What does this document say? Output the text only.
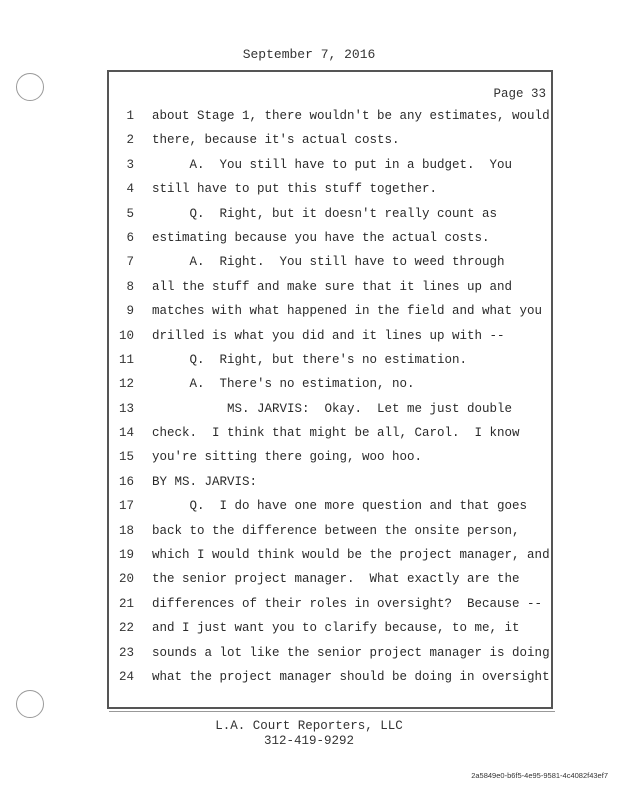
September 7, 2016
Page 33
1 about Stage 1, there wouldn't be any estimates, would
2 there, because it's actual costs.
3 A.  You still have to put in a budget.  You
4 still have to put this stuff together.
5 Q.  Right, but it doesn't really count as
6 estimating because you have the actual costs.
7 A.  Right.  You still have to weed through
8 all the stuff and make sure that it lines up and
9 matches with what happened in the field and what you
10 drilled is what you did and it lines up with --
11 Q.  Right, but there's no estimation.
12 A.  There's no estimation, no.
13 MS. JARVIS:  Okay.  Let me just double
14 check.  I think that might be all, Carol.  I know
15 you're sitting there going, woo hoo.
16 BY MS. JARVIS:
17 Q.  I do have one more question and that goes
18 back to the difference between the onsite person,
19 which I would think would be the project manager, and
20 the senior project manager.  What exactly are the
21 differences of their roles in oversight?  Because --
22 and I just want you to clarify because, to me, it
23 sounds a lot like the senior project manager is doing
24 what the project manager should be doing in oversight
L.A. Court Reporters, LLC
312-419-9292
2a5849e0-b6f5-4e95-9581-4c4082f43ef7
